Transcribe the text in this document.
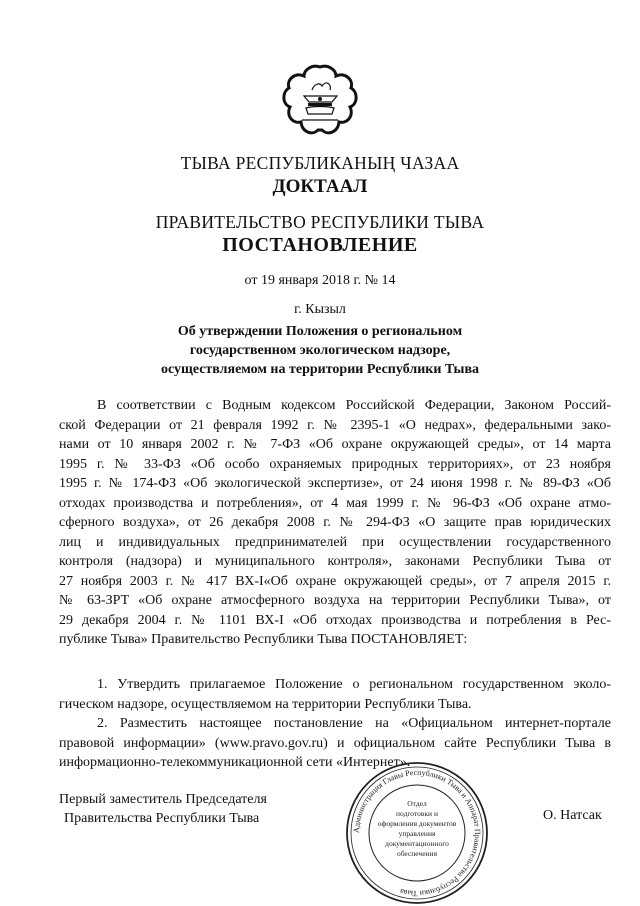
ТЫВА РЕСПУБЛИКАНЫҢ ЧАЗАА
ДОКТААЛ
ПРАВИТЕЛЬСТВО РЕСПУБЛИКИ ТЫВА
ПОСТАНОВЛЕНИЕ
от 19 января 2018 г. № 14
г. Кызыл
Об утверждении Положения о региональном
государственном экологическом надзоре,
осуществляемом на территории Республики Тыва
В соответствии с Водным кодексом Российской Федерации, Законом Россий-
ской Федерации от 21 февраля 1992 г. № 2395-1 «О недрах», федеральными зако-
нами от 10 января 2002 г. № 7-ФЗ «Об охране окружающей среды», от 14 марта
1995 г. № 33-ФЗ «Об особо охраняемых природных территориях», от 23 ноября
1995 г. № 174-ФЗ «Об экологической экспертизе», от 24 июня 1998 г. № 89-ФЗ «Об
отходах производства и потребления», от 4 мая 1999 г. № 96-ФЗ «Об охране атмо-
сферного воздуха», от 26 декабря 2008 г. № 294-ФЗ «О защите прав юридических
лиц и индивидуальных предпринимателей при осуществлении государственного
контроля (надзора) и муниципального контроля», законами Республики Тыва от
27 ноября 2003 г. № 417 ВХ-I«Об охране окружающей среды», от 7 апреля 2015 г.
№ 63-ЗРТ «Об охране атмосферного воздуха на территории Республики Тыва», от
29 декабря 2004 г. № 1101 ВХ-I «Об отходах производства и потребления в Рес-
публике Тыва» Правительство Республики Тыва ПОСТАНОВЛЯЕТ:
1. Утвердить прилагаемое Положение о региональном государственном эколо-
гическом надзоре, осуществляемом на территории Республики Тыва.
2. Разместить настоящее постановление на «Официальном интернет-портале
правовой информации» (www.pravo.gov.ru) и официальном сайте Республики Тыва в
информационно-телекоммуникационной сети «Интернет».
Первый заместитель Председателя
Правительства Республики Тыва	О. Натсак
Администрация Главы Республики Тыва и Аппарат Правительства Республики Тыва
Отдел
подготовки и
оформления документов
управления
документационного
обеспечения
